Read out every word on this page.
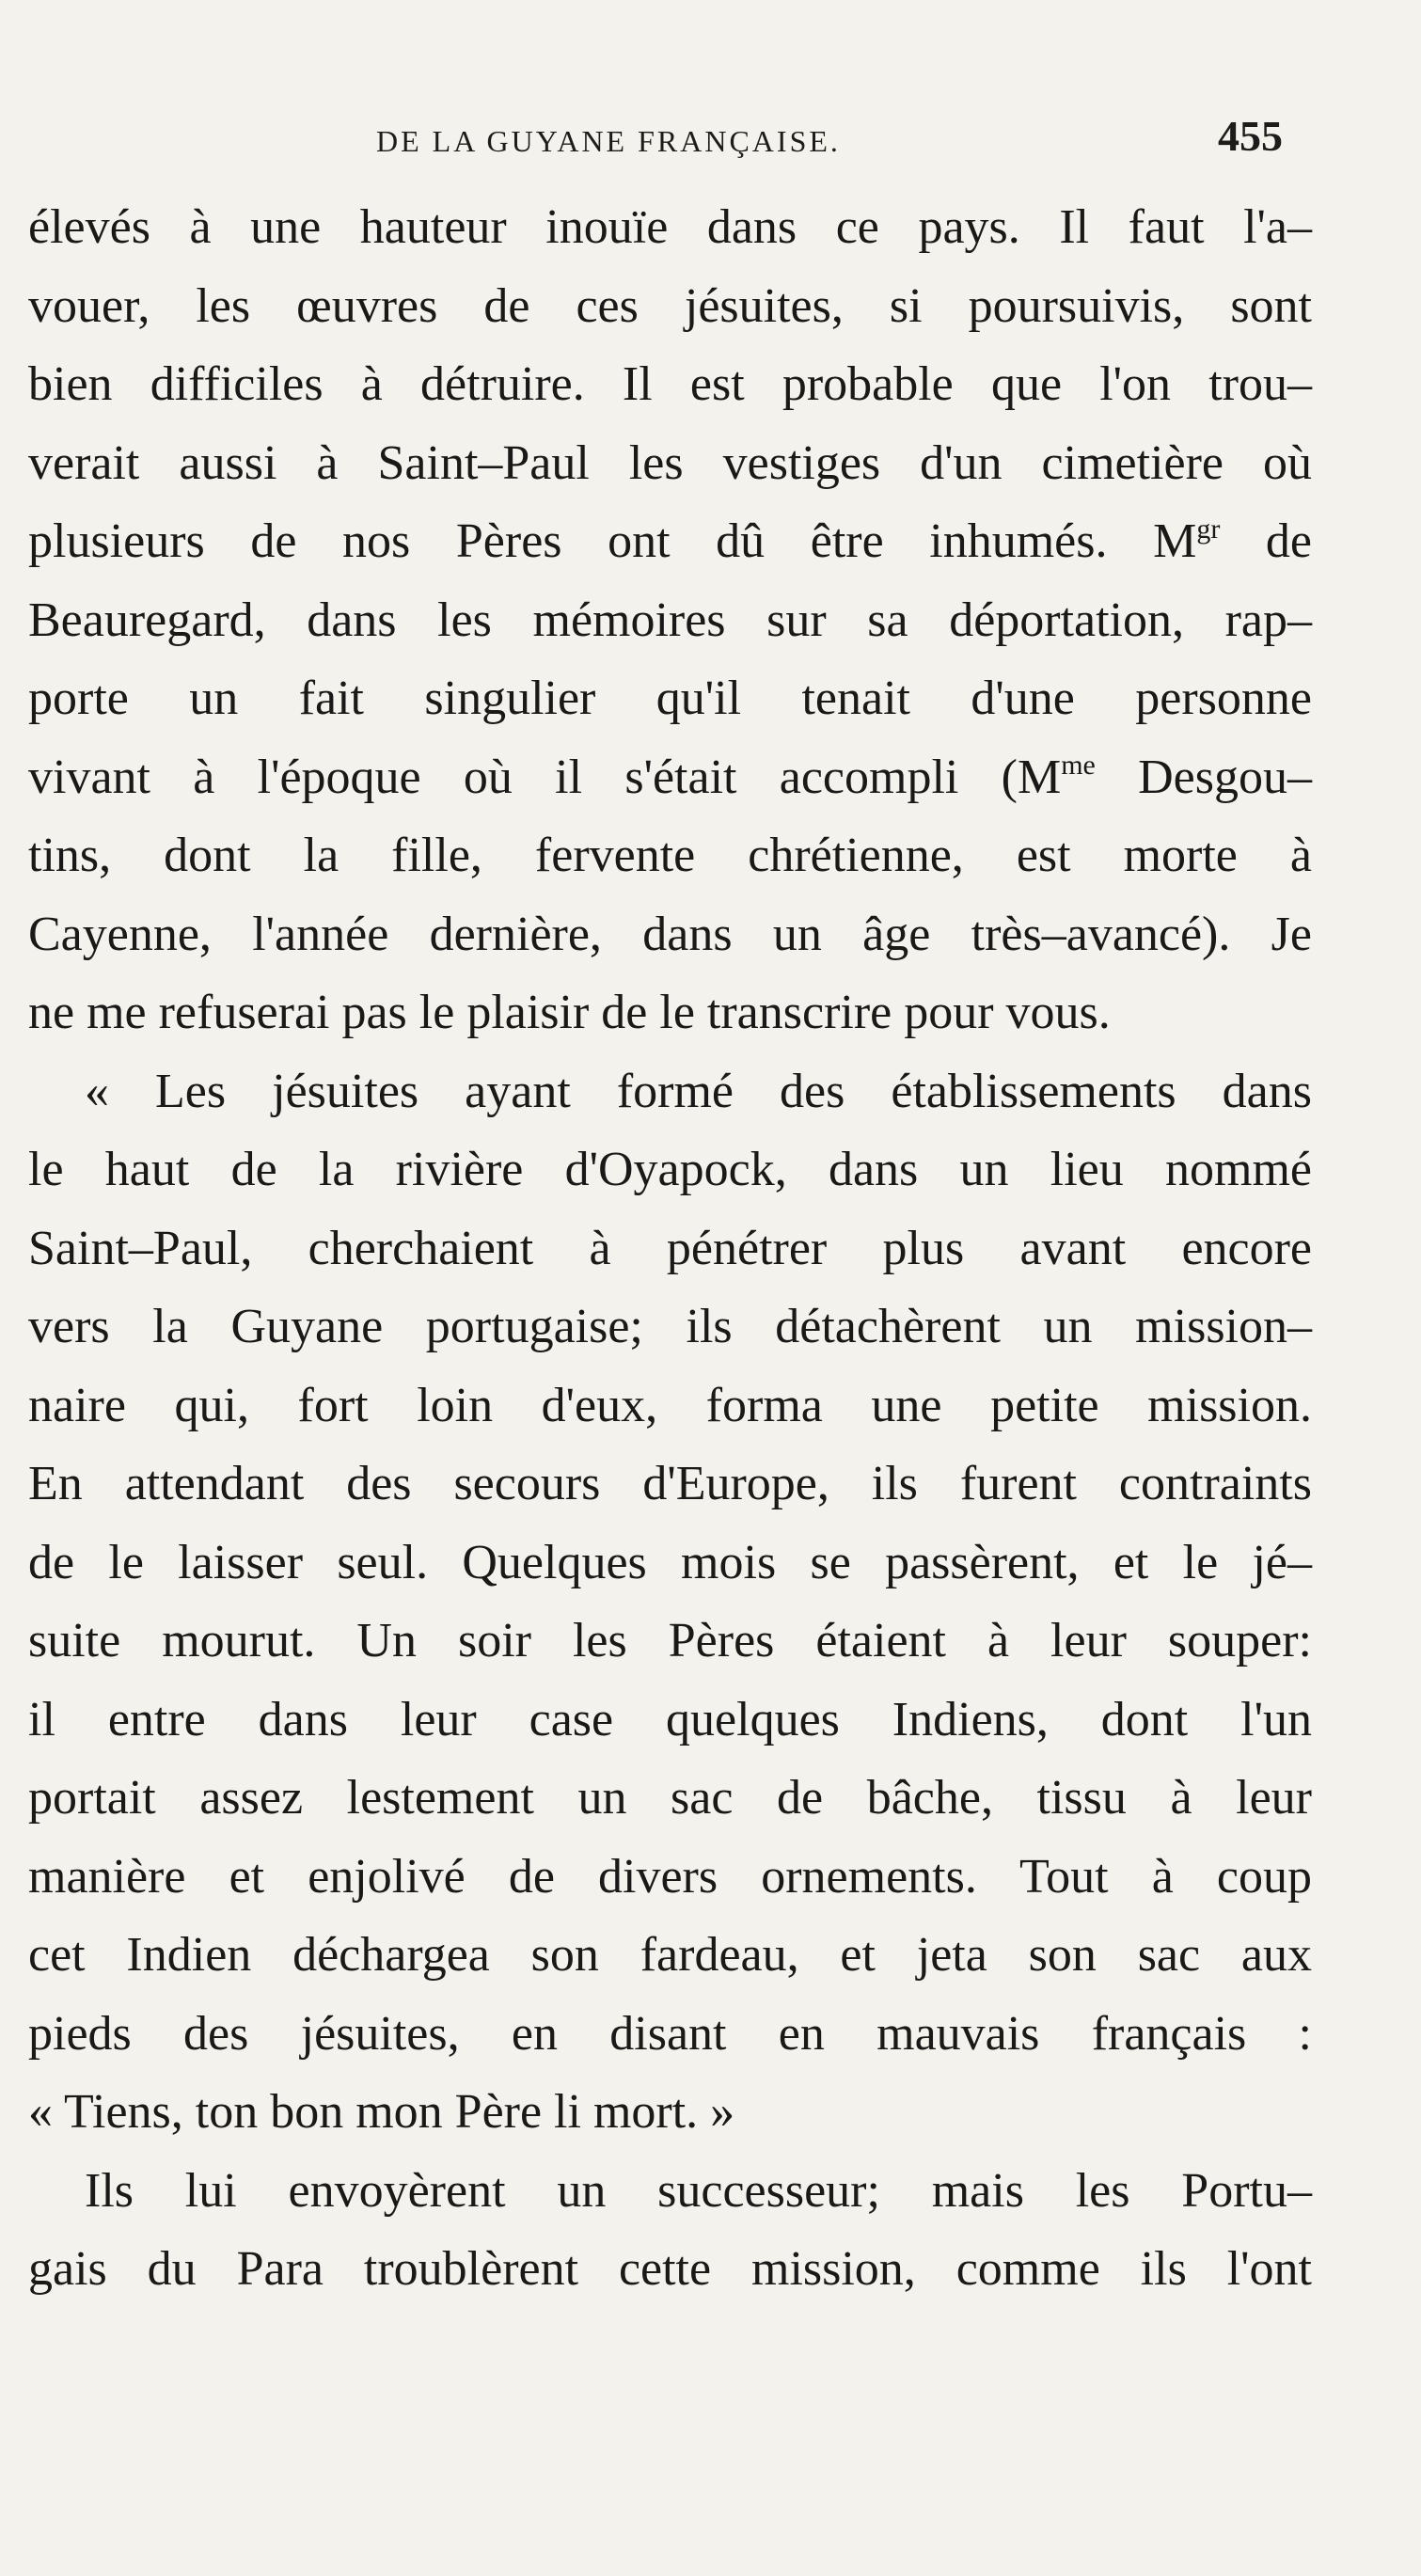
DE LA GUYANE FRANÇAISE.	455
élevés à une hauteur inouïe dans ce pays. Il faut l'a–
vouer, les œuvres de ces jésuites, si poursuivis, sont
bien difficiles à détruire. Il est probable que l'on trou–
verait aussi à Saint–Paul les vestiges d'un cimetière où
plusieurs de nos Pères ont dû être inhumés. $M^{gr}$ de
Beauregard, dans les mémoires sur sa déportation, rap–
porte un fait singulier qu'il tenait d'une personne
vivant à l'époque où il s'était accompli ($M^{me}$ Desgou–
tins, dont la fille, fervente chrétienne, est morte à
Cayenne, l'année dernière, dans un âge très–avancé). Je
ne me refuserai pas le plaisir de le transcrire pour vous.
« Les jésuites ayant formé des établissements dans
le haut de la rivière d'Oyapock, dans un lieu nommé
Saint–Paul, cherchaient à pénétrer plus avant encore
vers la Guyane portugaise; ils détachèrent un mission–
naire qui, fort loin d'eux, forma une petite mission.
En attendant des secours d'Europe, ils furent contraints
de le laisser seul. Quelques mois se passèrent, et le jé–
suite mourut. Un soir les Pères étaient à leur souper:
il entre dans leur case quelques Indiens, dont l'un
portait assez lestement un sac de bâche, tissu à leur
manière et enjolivé de divers ornements. Tout à coup
cet Indien déchargea son fardeau, et jeta son sac aux
pieds des jésuites, en disant en mauvais français :
« Tiens, ton bon mon Père li mort. »
Ils lui envoyèrent un successeur; mais les Portu–
gais du Para troublèrent cette mission, comme ils l'ont
